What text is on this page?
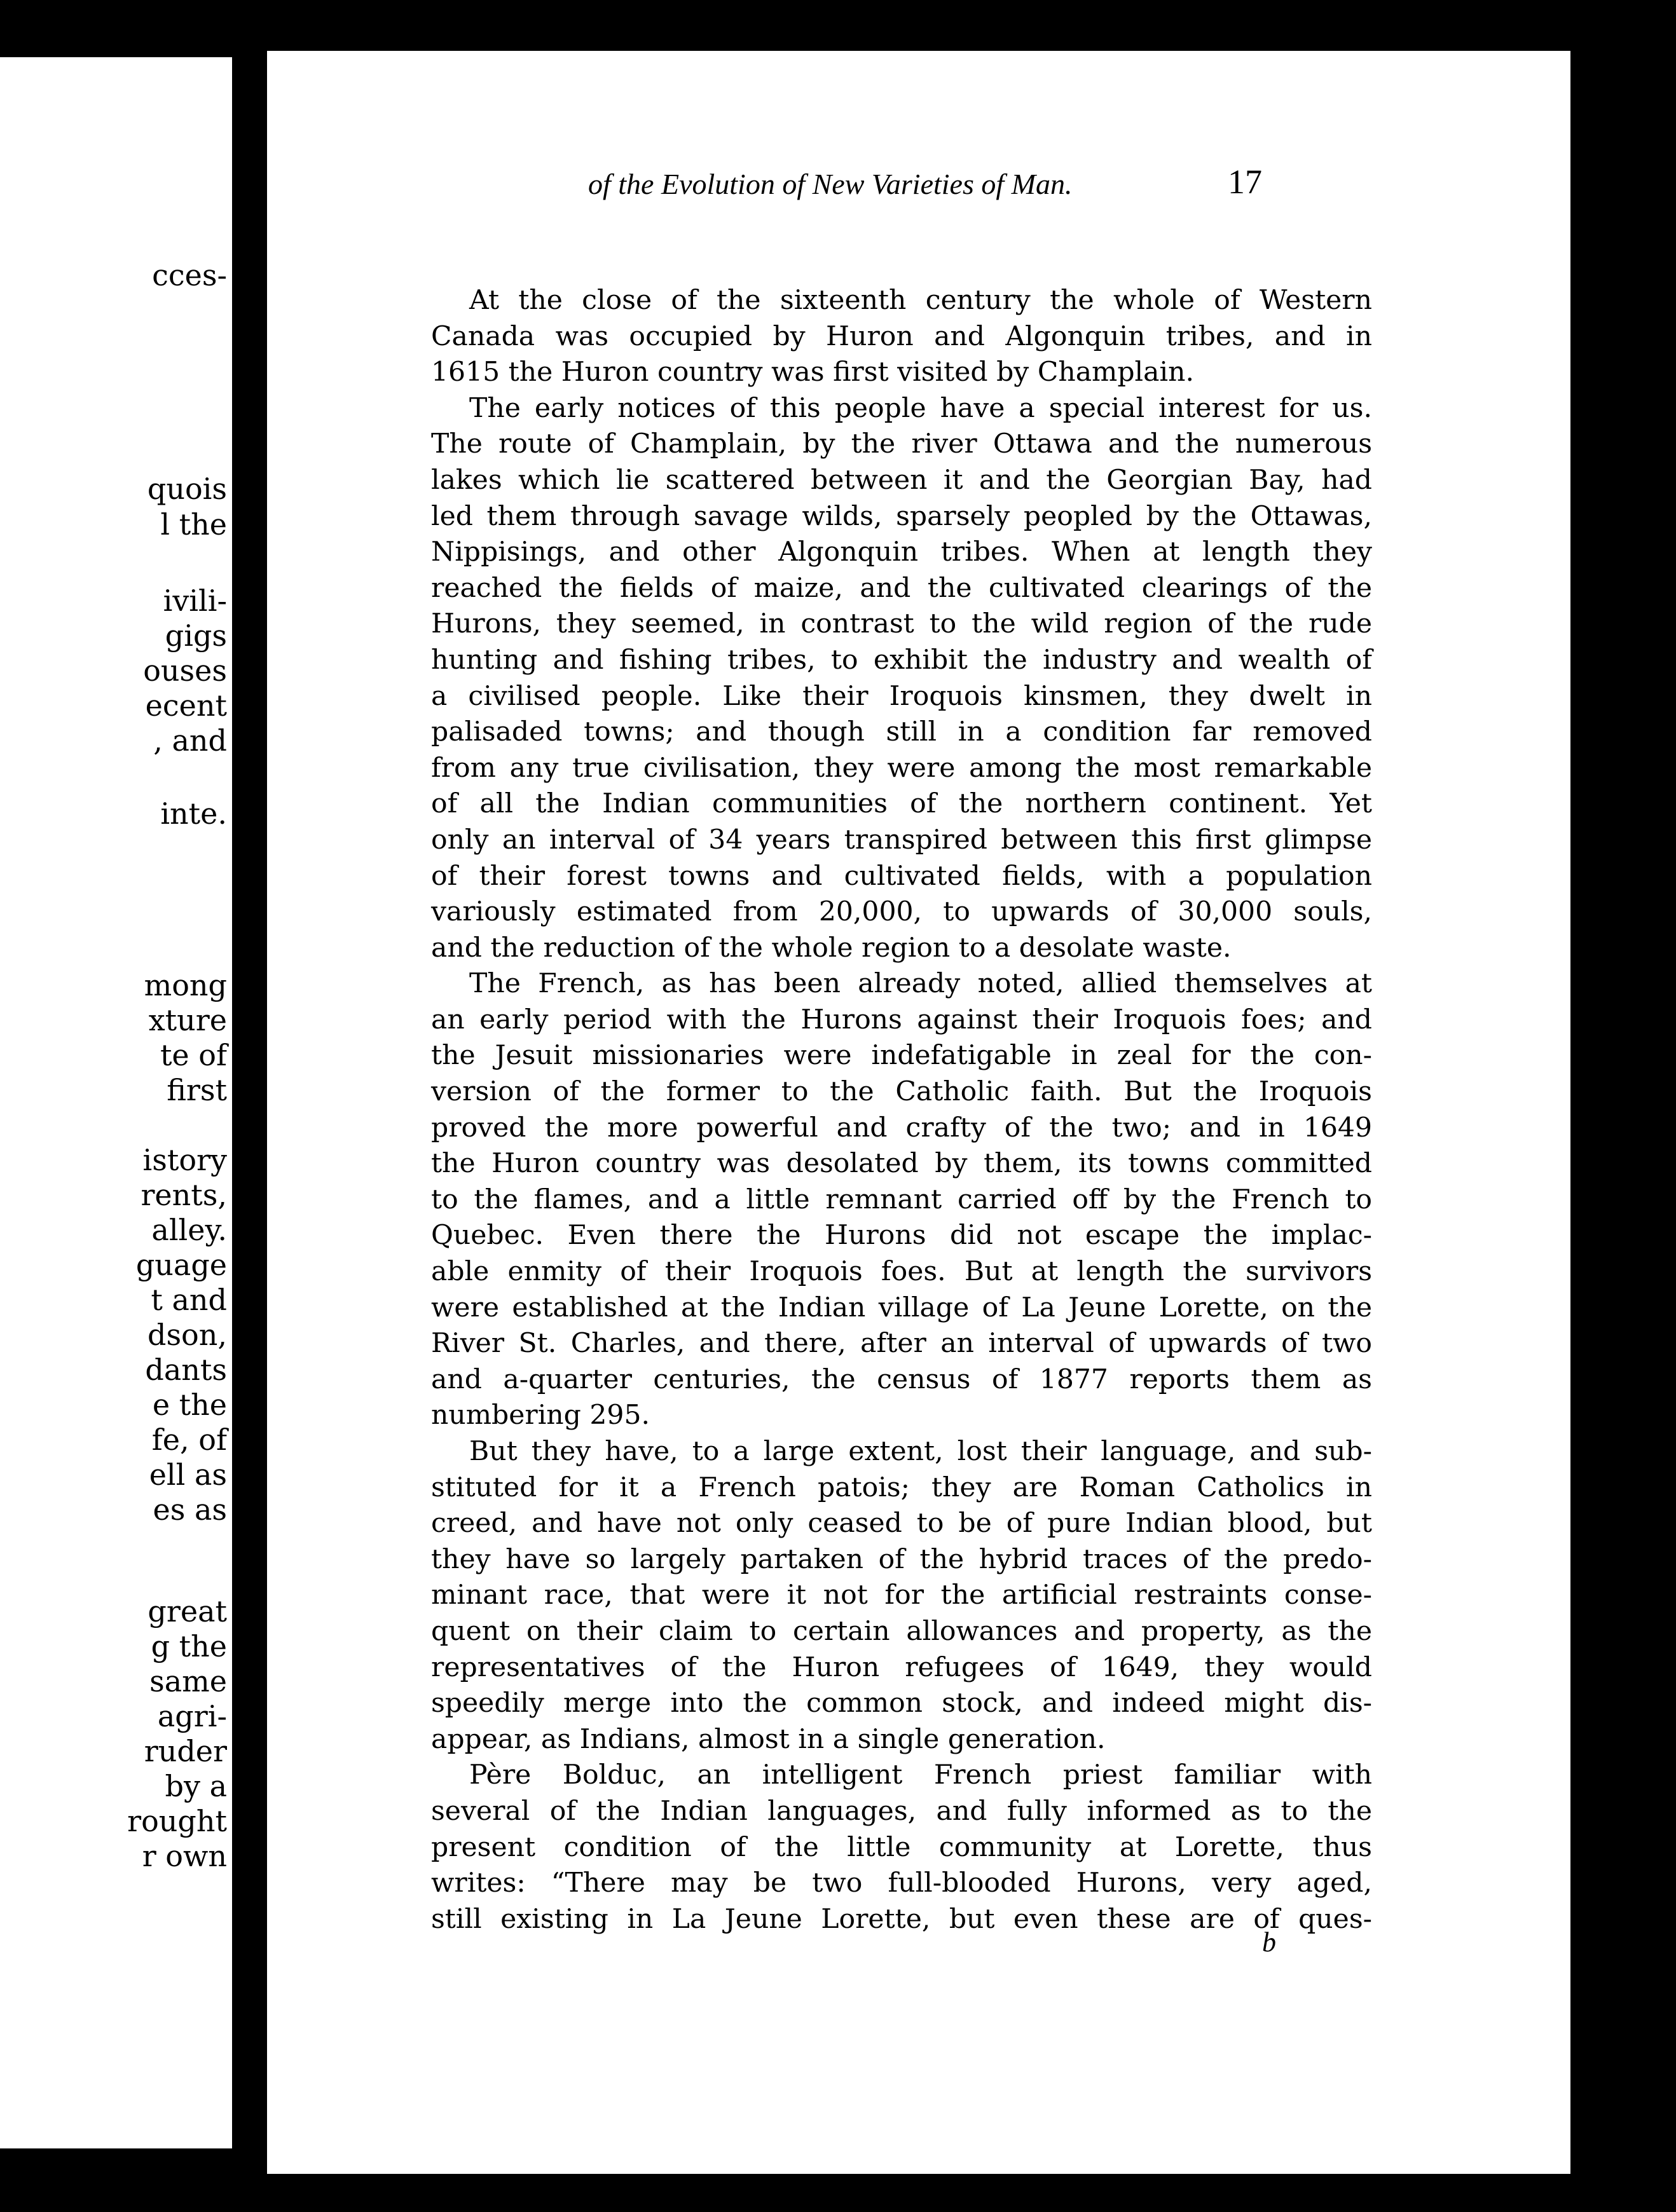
cces-
quois
l the
ivili-
gigs
ouses
ecent
, and
inte.
mong
xture
te of
first
istory
rents,
alley.
guage
t and
dson,
dants
e the
fe, of
ell as
es as
great
g the
same
agri-
ruder
by a
rought
r own
of the Evolution of New Varieties of Man.	17

At the close of the sixteenth century the whole of Western
Canada was occupied by Huron and Algonquin tribes, and in
1615 the Huron country was first visited by Champlain.

The early notices of this people have a special interest for us.
The route of Champlain, by the river Ottawa and the numerous
lakes which lie scattered between it and the Georgian Bay, had
led them through savage wilds, sparsely peopled by the Ottawas,
Nippisings, and other Algonquin tribes. When at length they
reached the fields of maize, and the cultivated clearings of the
Hurons, they seemed, in contrast to the wild region of the rude
hunting and fishing tribes, to exhibit the industry and wealth of
a civilised people. Like their Iroquois kinsmen, they dwelt in
palisaded towns; and though still in a condition far removed
from any true civilisation, they were among the most remarkable
of all the Indian communities of the northern continent. Yet
only an interval of 34 years transpired between this first glimpse
of their forest towns and cultivated fields, with a population
variously estimated from 20,000, to upwards of 30,000 souls,
and the reduction of the whole region to a desolate waste.

The French, as has been already noted, allied themselves at
an early period with the Hurons against their Iroquois foes; and
the Jesuit missionaries were indefatigable in zeal for the con-
version of the former to the Catholic faith. But the Iroquois
proved the more powerful and crafty of the two; and in 1649
the Huron country was desolated by them, its towns committed
to the flames, and a little remnant carried off by the French to
Quebec. Even there the Hurons did not escape the implac-
able enmity of their Iroquois foes. But at length the survivors
were established at the Indian village of La Jeune Lorette, on the
River St. Charles, and there, after an interval of upwards of two
and a-quarter centuries, the census of 1877 reports them as
numbering 295.

But they have, to a large extent, lost their language, and sub-
stituted for it a French patois; they are Roman Catholics in
creed, and have not only ceased to be of pure Indian blood, but
they have so largely partaken of the hybrid traces of the predo-
minant race, that were it not for the artificial restraints conse-
quent on their claim to certain allowances and property, as the
representatives of the Huron refugees of 1649, they would
speedily merge into the common stock, and indeed might dis-
appear, as Indians, almost in a single generation.

Père Bolduc, an intelligent French priest familiar with
several of the Indian languages, and fully informed as to the
present condition of the little community at Lorette, thus
writes: “There may be two full-blooded Hurons, very aged,
still existing in La Jeune Lorette, but even these are of ques-

b
